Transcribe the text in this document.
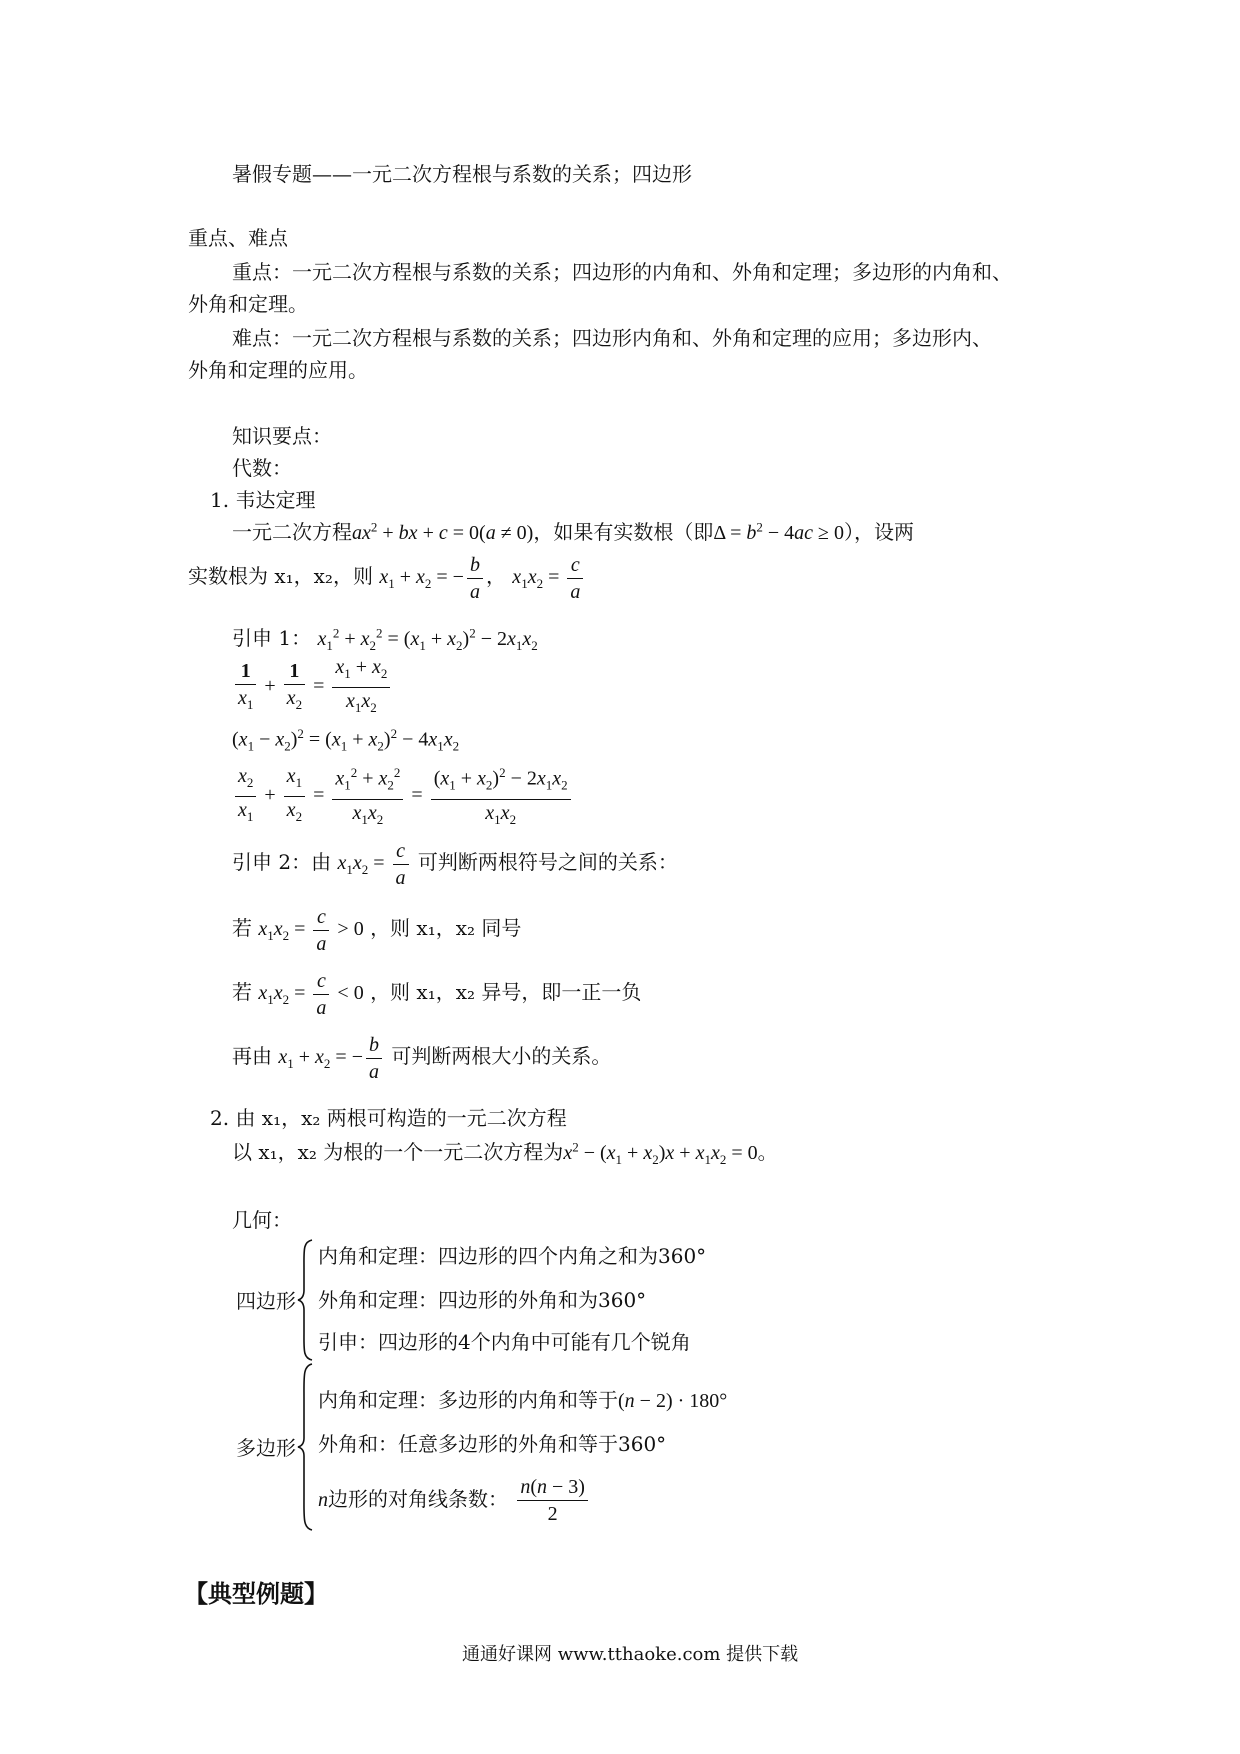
暑假专题——一元二次方程根与系数的关系；四边形
重点、难点
重点：一元二次方程根与系数的关系；四边形的内角和、外角和定理；多边形的内角和、
外角和定理。
难点：一元二次方程根与系数的关系；四边形内角和、外角和定理的应用；多边形内、
外角和定理的应用。
知识要点：
代数：
1. 韦达定理
一元二次方程$ax^2$ + bx + c = 0(a ≠ 0)，如果有实数根（即$\Delta = b^2 - 4ac \ge 0$），设两
实数根为 x₁，x₂，则 $x_1 + x_2$ = − $\frac{b}{a}$ ， $x_1x_2 = \frac{c}{a}$
引申 1： $x_1^2 + x_2^2 = (x_1 + x_2)^2 - 2x_1x_2$
$\frac{1}{x_1} + \frac{1}{x_2} = \frac{x_1 + x_2}{x_1x_2}$
$(x_1 - x_2)^2 = (x_1 + x_2)^2 - 4x_1x_2$
$\frac{x_2}{x_1} + \frac{x_1}{x_2} = \frac{x_1^2 + x_2^2}{x_1x_2} = \frac{(x_1 + x_2)^2 - 2x_1x_2}{x_1x_2}$
引申 2：由 $x_1x_2 = \frac{c}{a}$ 可判断两根符号之间的关系：
若 $x_1x_2 = \frac{c}{a} > 0$ ，则 x₁，x₂ 同号
若 $x_1x_2 = \frac{c}{a} < 0$ ，则 x₁，x₂ 异号，即一正一负
再由 $x_1 + x_2$ = − $\frac{b}{a}$ 可判断两根大小的关系。
2. 由 x₁，x₂ 两根可构造的一元二次方程
以 x₁，x₂ 为根的一个一元二次方程为$x^2 - (x_1 + x_2)x + x_1x_2 = 0$。
几何：
四边形
内角和定理：四边形的四个内角之和为360°
外角和定理：四边形的外角和为360°
引申：四边形的4个内角中可能有几个锐角
多边形
内角和定理：多边形的内角和等于(n − 2) · 180°
外角和：任意多边形的外角和等于360°
n边形的对角线条数： $\frac{n(n - 3)}{2}$
【典型例题】
通通好课网 www.tthaoke.com 提供下载
